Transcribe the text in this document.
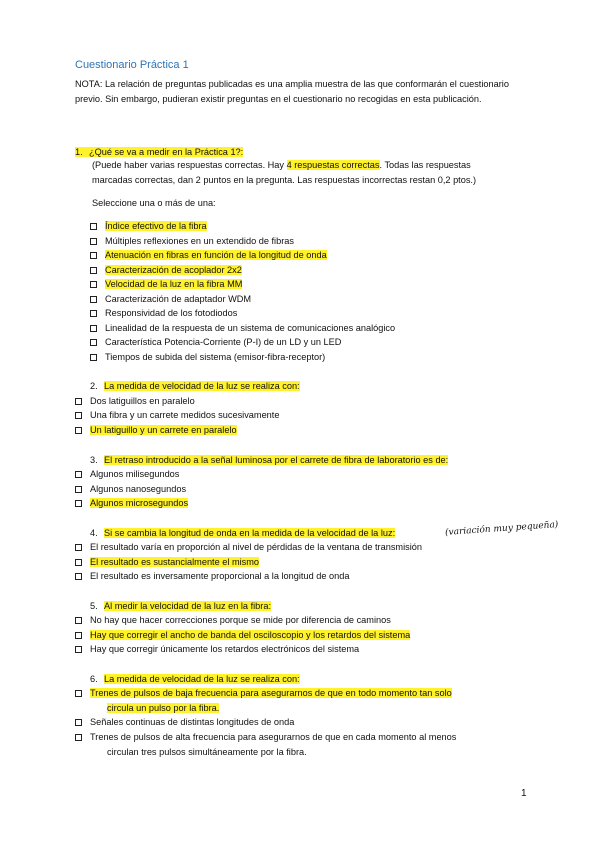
Cuestionario Práctica 1
NOTA: La relación de preguntas publicadas es una amplia muestra de las que conformarán el cuestionario previo. Sin embargo, pudieran existir preguntas en el cuestionario no recogidas en esta publicación.
1. ¿Qué se va a medir en la Práctica 1?:
(Puede haber varias respuestas correctas. Hay 4 respuestas correctas. Todas las respuestas
marcadas correctas, dan 2 puntos en la pregunta. Las respuestas incorrectas restan 0,2 ptos.)
Seleccione una o más de una:
Índice efectivo de la fibra
Múltiples reflexiones en un extendido de fibras
Atenuación en fibras en función de la longitud de onda
Caracterización de acoplador 2x2
Velocidad de la luz en la fibra MM
Caracterización de adaptador WDM
Responsividad de los fotodiodos
Linealidad de la respuesta de un sistema de comunicaciones analógico
Característica Potencia-Corriente (P-I) de un LD y un LED
Tiempos de subida del sistema (emisor-fibra-receptor)
2. La medida de velocidad de la luz se realiza con:
Dos latiguillos en paralelo
Una fibra y un carrete medidos sucesivamente
Un latiguillo y un carrete en paralelo
3. El retraso introducido a la señal luminosa por el carrete de fibra de laboratorio es de:
Algunos milisegundos
Algunos nanosegundos
Algunos microsegundos
4. Si se cambia la longitud de onda en la medida de la velocidad de la luz:	(variación muy pequeña)
El resultado varía en proporción al nivel de pérdidas de la ventana de transmisión
El resultado es sustancialmente el mismo
El resultado es inversamente proporcional a la longitud de onda
5. Al medir la velocidad de la luz en la fibra:
No hay que hacer correcciones porque se mide por diferencia de caminos
Hay que corregir el ancho de banda del osciloscopio y los retardos del sistema
Hay que corregir únicamente los retardos electrónicos del sistema
6. La medida de velocidad de la luz se realiza con:
Trenes de pulsos de baja frecuencia para asegurarnos de que en todo momento tan solo
circula un pulso por la fibra.
Señales continuas de distintas longitudes de onda
Trenes de pulsos de alta frecuencia para asegurarnos de que en cada momento al menos
circulan tres pulsos simultáneamente por la fibra.
1
